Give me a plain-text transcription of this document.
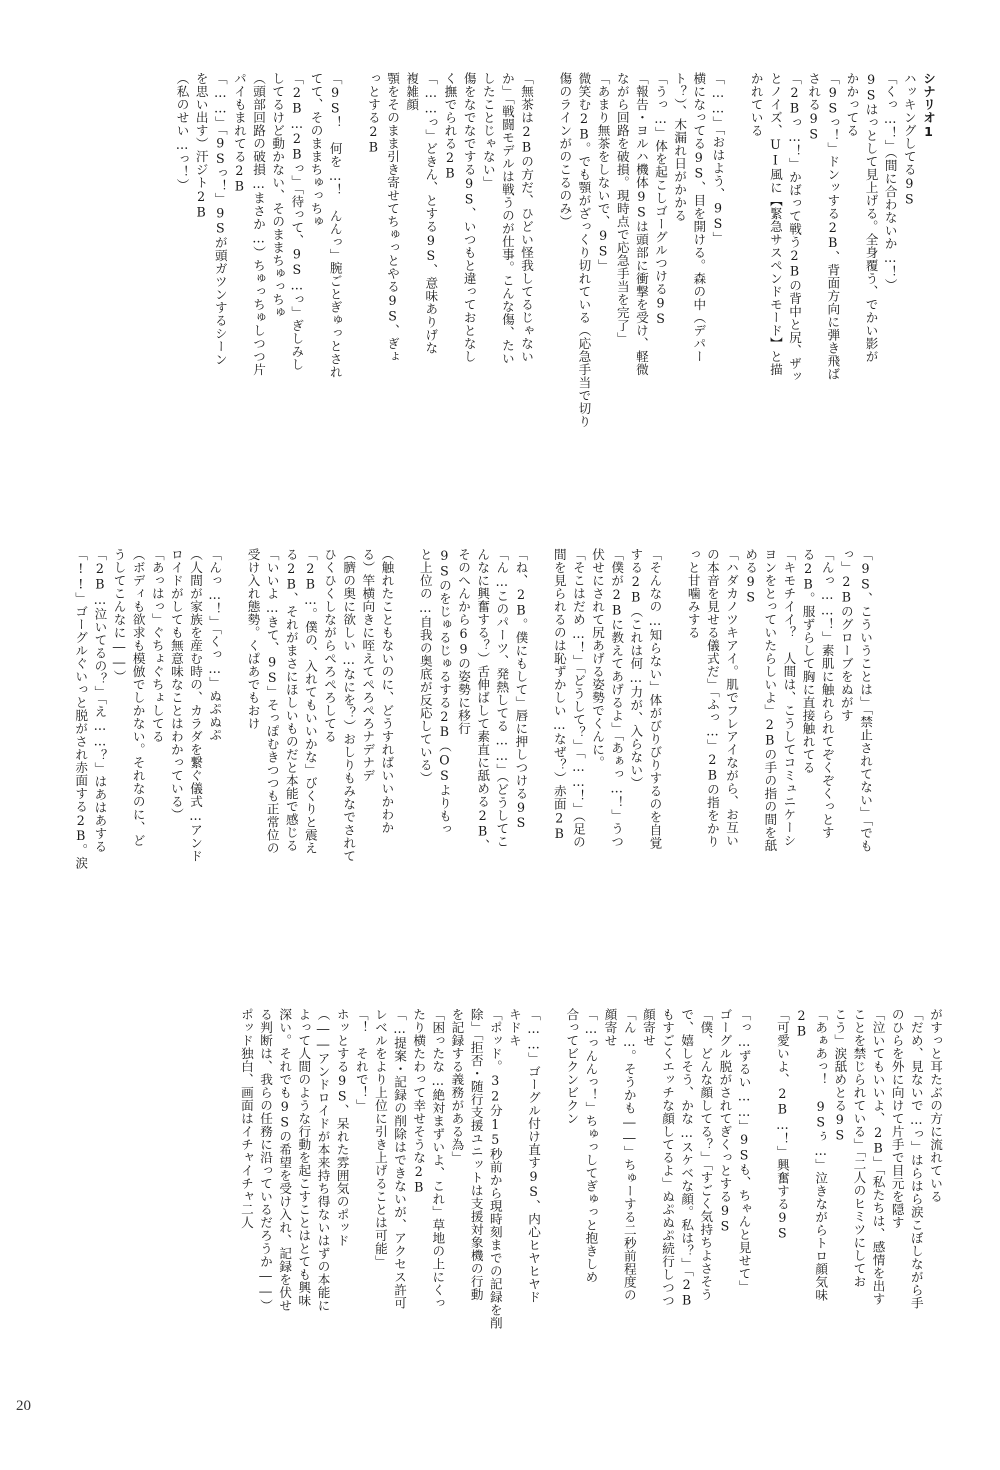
シナリオ1
ハッキングしてる9S
「くっ…！」（間に合わないか…！）
9Sはっとして見上げる。全身覆う、でかい影が
かかってる
「9Sっ！」ドンッする2B、背面方向に弾き飛ば
される9S
「2Bっ…！」かばって戦う2Bの背中と尻、ザッ
とノイズ、UI風に【緊急サスペンドモード】と描
かれている

「……」「おはよう、9S」
横になってる9S、目を開ける。森の中（デパー
ト？）、木漏れ日がかかる
「うっ…」体を起こしゴーグルつける9S
「報告・ヨルハ機体9Sは頭部に衝撃を受け、軽微
ながら回路を破損。現時点で応急手当を完了」
「あまり無茶をしないで、9S」
微笑む2B。でも顎がざっくり切れている（応急手当で切り
傷のラインがのこるのみ）

「無茶は2Bの方だ、ひどい怪我してるじゃない
か」「戦闘モデルは戦うのが仕事。こんな傷、たい
したことじゃない」
傷をなでなでする9S、いつもと違っておとなし
く撫でられる2B
「……っ」どきん、とする9S、意味ありげな
複雑顔
顎をそのまま引き寄せてちゅっとやる9S、ぎょ
っとする2B

「9S！　何を…！　んんっ」腕ごとぎゅっとされ
てて、そのままちゅっちゅ
「2B…2Bっ」「待って、9S…っ」ぎしみし
してるけど動かない、そのままちゅっちゅ
（頭部回路の破損…まさか…）ちゅっちゅしつつ片
パイもまれてる2B
「……」「9Sっ！」9Sが頭ガツンするシーン
を思い出す）汗ジト2B
（私のせい…っ！）
「9S、こういうことは」「禁止されてない」「でも
っ」2Bのグローブをぬがす
「んっ……！」素肌に触れられてぞくぞくっとす
る2B。服ずらして胸に直接触れてる
「キモチイイ？　人間は、こうしてコミュニケーシ
ヨンをとっていたらしいよ」2Bの手の指の間を舐
める9S
「ハダカノツキアイ。肌でフレアイながら、お互い
の本音を見せる儀式だ」「ふっ…」2Bの指をかり
っと甘噛みする

「そんなの…知らない」体がびりびりするのを自覚
する2B（これは何…力が、入らない）
「僕が2Bに教えてあげるよ」「あぁっ…！」うつ
伏せにされて尻あげる姿勢でくんに。
「そこはだめ…！」「どうして？」「……！」（足の
間を見られるのは恥ずかしい…なぜ？）赤面2B

「ね、2B。僕にもして」唇に押しつける9S
「ん…このパーツ、発熱してる……」（どうしてこ
んなに興奮する？）舌伸ばして素直に舐める2B、
そのへんから69の姿勢に移行
9Sのをじゅるじゅるする2B（OSよりもっ
と上位の…自我の奥底が反応している）

（触れたこともないのに、どうすればいいかわか
る）竿横向きに咥えてぺろぺろナデナデ
（臍の奥に欲しい…なにを？）おしりもみなでされて
ひくひくしながらぺろぺろしてる
「2B…。僕の、入れてもいいかな」びくりと震え
る2B、それがまさにほしいものだと本能で感じる
「いいよ…きて、9S」そっぽむきつつも正常位の
受け入れ態勢。くぱあでもおけ

「んっ…！」「くっ…」ぬぷぬぷ
（人間が家族を産む時の、カラダを繋ぐ儀式…アンド
ロイドがしても無意味なことはわかっている）
「あっはっ」ぐちょぐちょしてる
（ボディも欲求も模倣でしかない。それなのに、ど
うしてこんなに――）
「2B…泣いてるの？」「え……？」はあはあする
「!!」ゴーグルぐいっと脱がされ赤面する2B。涙
がすっと耳たぶの方に流れている
「だめ、見ないで…っ」はらはら涙こぼしながら手
のひらを外に向けて片手で目元を隠す
「泣いてもいいよ、2B」「私たちは、感情を出す
ことを禁じられている」「二人のヒミツにしてお
こう」涙舐めとる9S
「あぁあっ！　9Sぅ…」泣きながらトロ顔気味
2B
「可愛いよ、2B…！」興奮する9S

「っ…ずるい……」9Sも、ちゃんと見せて」
ゴーグル脱がされてぎくっとする9S
「僕、どんな顔してる？」「すごく気持ちよさそう
で、嬉しそう、かな…スケベな顔。私は？」「2B
もすごくエッチな顔してるよ」ぬぷぬぷ続行しつつ
顔寄せ
「ん…。そうかも――」ちゅーする二秒前程度の
顔寄せ
「…っんんっ！」ちゅっしてぎゅっと抱きしめ
合ってビクンビクン

「……」ゴーグル付け直す9S、内心ヒヤヒヤド
キドキ
「ポッド。32分15秒前から現時刻までの記録を削
除」「拒否・随行支援ユニットは支援対象機の行動
を記録する義務がある為」
「困ったな…絶対まずいよ、これ」草地の上にくっ
たり横たわって幸せそうな2B
「…提案・記録の削除はできないが、アクセス許可
レベルをより上位に引き上げることは可能」
「！　それで！」
ホッとする9S、呆れた雰囲気のポッド
（――アンドロイドが本来持ち得ないはずの本能に
よって人間のような行動を起こすことはとても興味
深い。それでも9Sの希望を受け入れ、記録を伏せ
る判断は、我らの任務に沿っているだろうか――）
ポッド独白、画面はイチャイチャ二人
20
